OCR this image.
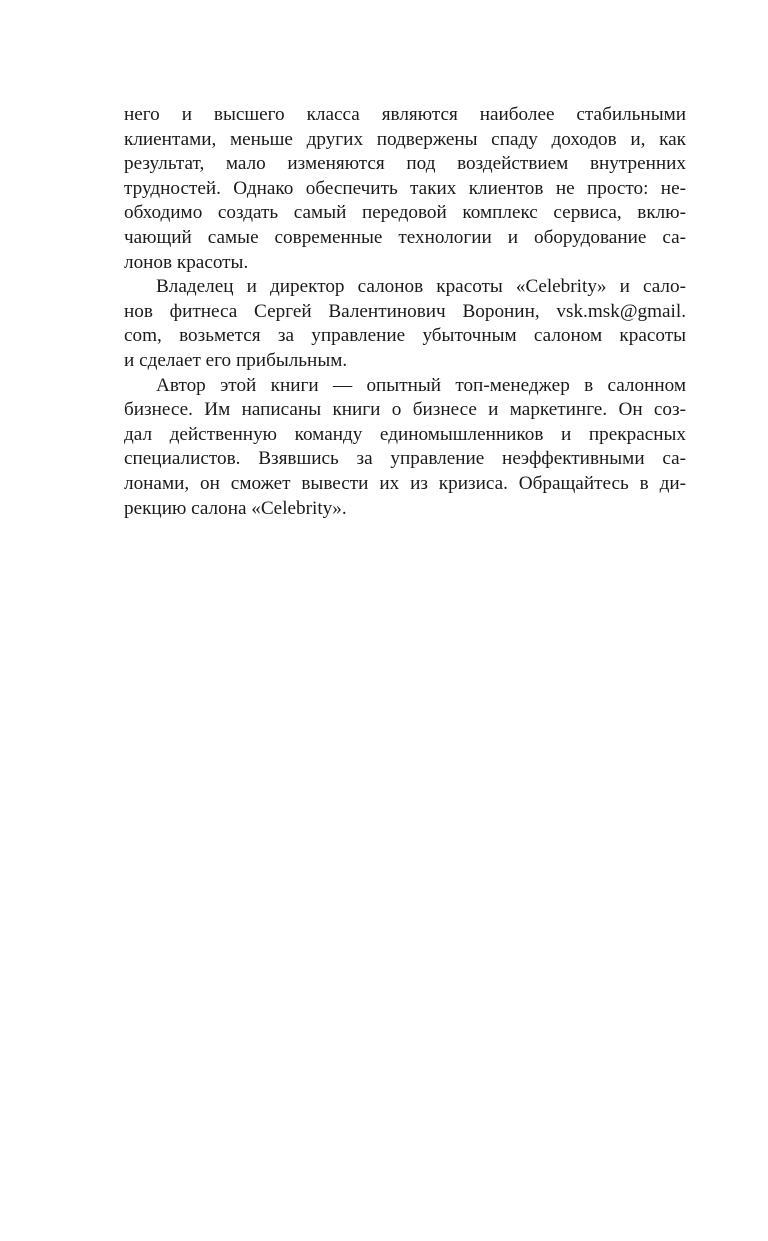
него и высшего класса являются наиболее стабильными
клиентами, меньше других подвержены спаду доходов и, как
результат, мало изменяются под воздействием внутренних
трудностей. Однако обеспечить таких клиентов не просто: не-
обходимо создать самый передовой комплекс сервиса, вклю-
чающий самые современные технологии и оборудование са-
лонов красоты.
Владелец и директор салонов красоты «Celebrity» и сало-
нов фитнеса Сергей Валентинович Воронин, vsk.msk@gmail.
com, возьмется за управление убыточным салоном красоты
и сделает его прибыльным.
Автор этой книги — опытный топ-менеджер в салонном
бизнесе. Им написаны книги о бизнесе и маркетинге. Он соз-
дал действенную команду единомышленников и прекрасных
специалистов. Взявшись за управление неэффективными са-
лонами, он сможет вывести их из кризиса. Обращайтесь в ди-
рекцию салона «Celebrity».
